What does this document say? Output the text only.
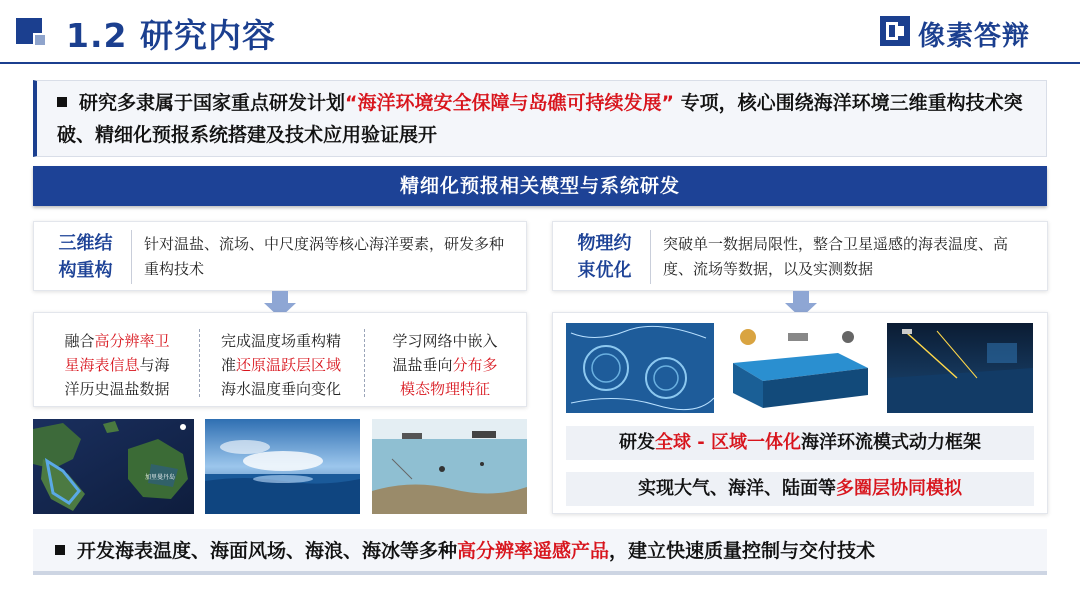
1.2 研究内容	像素答辩
研究多隶属于国家重点研发计划“海洋环境安全保障与岛礁可持续发展” 专项，核心围绕海洋环境三维重构技术突破、精细化预报系统搭建及技术应用验证展开
精细化预报相关模型与系统研发
三维结
构重构
针对温盐、流场、中尺度涡等核心海洋要素，研发多种重构技术
物理约
束优化
突破单一数据局限性，整合卫星遥感的海表温度、高度、流场等数据，以及实测数据
融合高分辨率卫
星海表信息与海
洋历史温盐数据
完成温度场重构精
准还原温跃层区域
海水温度垂向变化
学习网络中嵌入
温盐垂向分布多
模态物理特征
加里曼丹岛
研发全球 - 区域一体化海洋环流模式动力框架
实现大气、海洋、陆面等多圈层协同模拟
开发海表温度、海面风场、海浪、海冰等多种高分辨率遥感产品，建立快速质量控制与交付技术
